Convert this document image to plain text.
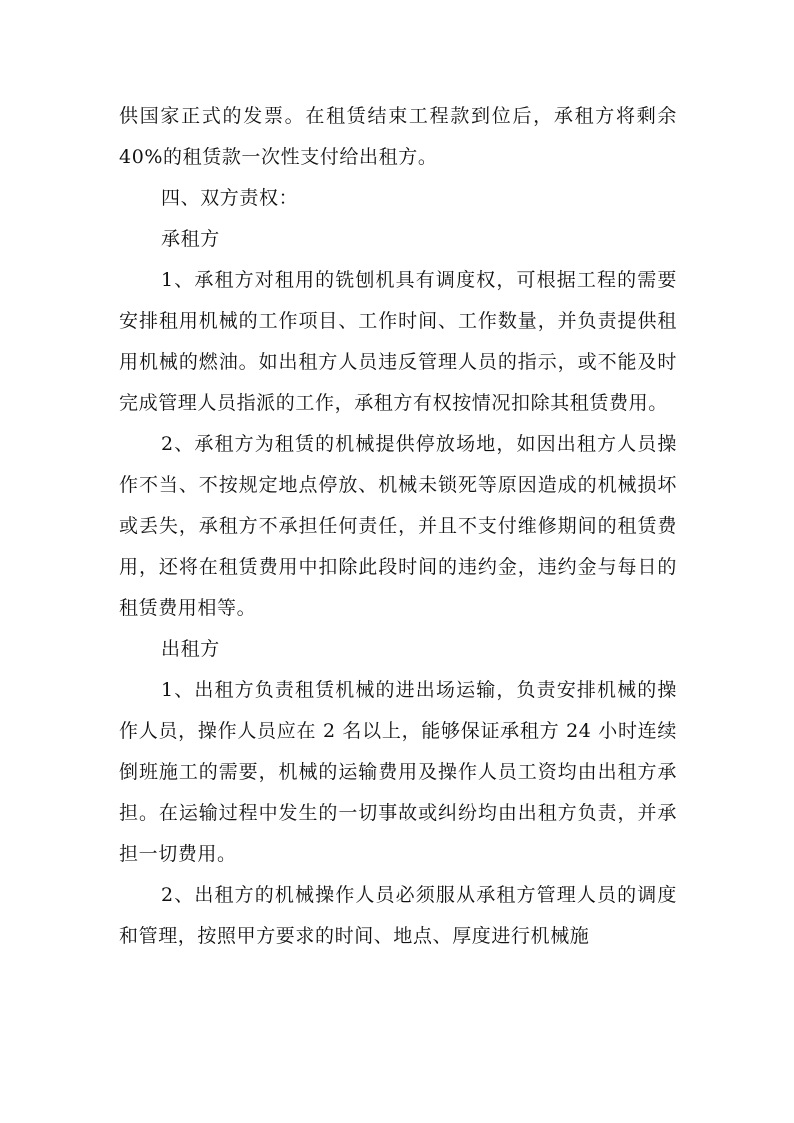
供国家正式的发票。在租赁结束工程款到位后，承租方将剩余 40%的租赁款一次性支付给出租方。

四、双方责权：

承租方

1、承租方对租用的铣刨机具有调度权，可根据工程的需要安排租用机械的工作项目、工作时间、工作数量，并负责提供租用机械的燃油。如出租方人员违反管理人员的指示，或不能及时完成管理人员指派的工作，承租方有权按情况扣除其租赁费用。

2、承租方为租赁的机械提供停放场地，如因出租方人员操作不当、不按规定地点停放、机械未锁死等原因造成的机械损坏或丢失，承租方不承担任何责任，并且不支付维修期间的租赁费用，还将在租赁费用中扣除此段时间的违约金，违约金与每日的租赁费用相等。

出租方

1、出租方负责租赁机械的进出场运输，负责安排机械的操作人员，操作人员应在 2 名以上，能够保证承租方 24 小时连续倒班施工的需要，机械的运输费用及操作人员工资均由出租方承担。在运输过程中发生的一切事故或纠纷均由出租方负责，并承担一切费用。

2、出租方的机械操作人员必须服从承租方管理人员的调度和管理，按照甲方要求的时间、地点、厚度进行机械施
